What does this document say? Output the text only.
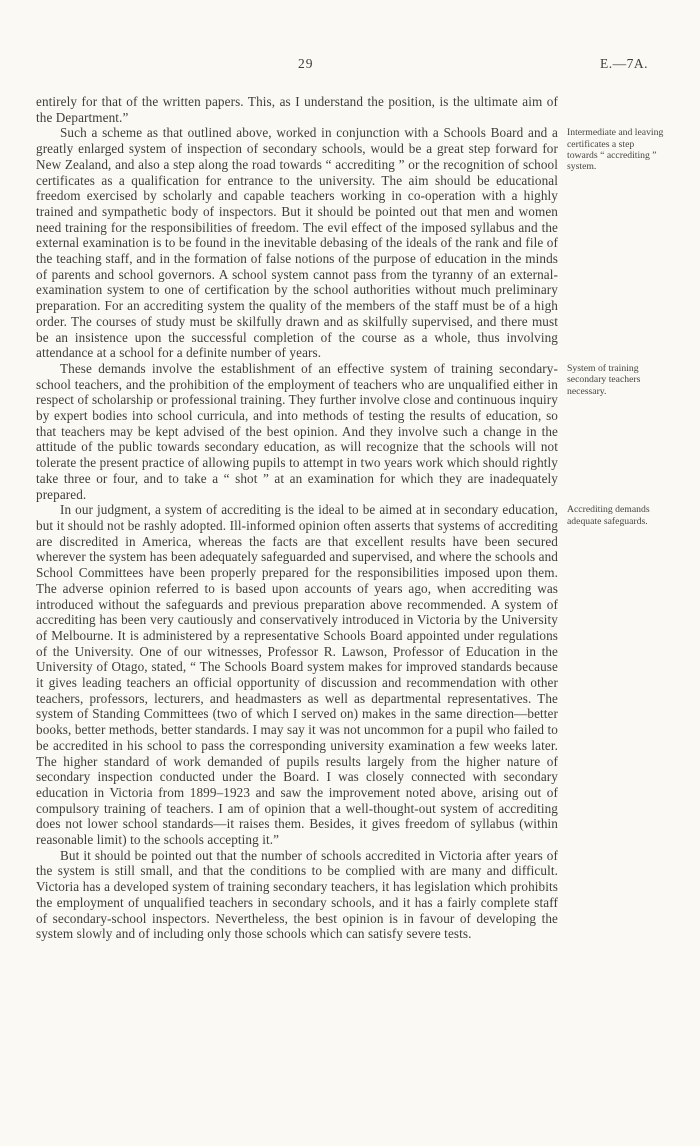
29	E.—7A.
entirely for that of the written papers. This, as I understand the position, is the ultimate aim of the Department.”
Such a scheme as that outlined above, worked in conjunction with a Schools Board and a greatly enlarged system of inspection of secondary schools, would be a great step forward for New Zealand, and also a step along the road towards “ accrediting ” or the recognition of school certificates as a qualification for entrance to the university. The aim should be educational freedom exercised by scholarly and capable teachers working in co-operation with a highly trained and sympathetic body of inspectors. But it should be pointed out that men and women need training for the responsibilities of freedom. The evil effect of the imposed syllabus and the external examination is to be found in the inevitable debasing of the ideals of the rank and file of the teaching staff, and in the formation of false notions of the purpose of education in the minds of parents and school governors. A school system cannot pass from the tyranny of an external-examination system to one of certification by the school authorities without much preliminary preparation. For an accrediting system the quality of the members of the staff must be of a high order. The courses of study must be skilfully drawn and as skilfully supervised, and there must be an insistence upon the successful completion of the course as a whole, thus involving attendance at a school for a definite number of years.
Intermediate and leaving certificates a step towards “ accrediting ” system.
These demands involve the establishment of an effective system of training secondary-school teachers, and the prohibition of the employment of teachers who are unqualified either in respect of scholarship or professional training. They further involve close and continuous inquiry by expert bodies into school curricula, and into methods of testing the results of education, so that teachers may be kept advised of the best opinion. And they involve such a change in the attitude of the public towards secondary education, as will recognize that the schools will not tolerate the present practice of allowing pupils to attempt in two years work which should rightly take three or four, and to take a “ shot ” at an examination for which they are inadequately prepared.
System of training secondary teachers necessary.
In our judgment, a system of accrediting is the ideal to be aimed at in secondary education, but it should not be rashly adopted. Ill-informed opinion often asserts that systems of accrediting are discredited in America, whereas the facts are that excellent results have been secured wherever the system has been adequately safeguarded and supervised, and where the schools and School Committees have been properly prepared for the responsibilities imposed upon them. The adverse opinion referred to is based upon accounts of years ago, when accrediting was introduced without the safeguards and previous preparation above recommended. A system of accrediting has been very cautiously and conservatively introduced in Victoria by the University of Melbourne. It is administered by a representative Schools Board appointed under regulations of the University. One of our witnesses, Professor R. Lawson, Professor of Education in the University of Otago, stated, “ The Schools Board system makes for improved standards because it gives leading teachers an official opportunity of discussion and recommendation with other teachers, professors, lecturers, and headmasters as well as departmental representatives. The system of Standing Committees (two of which I served on) makes in the same direction—better books, better methods, better standards. I may say it was not uncommon for a pupil who failed to be accredited in his school to pass the corresponding university examination a few weeks later. The higher standard of work demanded of pupils results largely from the higher nature of secondary inspection conducted under the Board. I was closely connected with secondary education in Victoria from 1899–1923 and saw the improvement noted above, arising out of compulsory training of teachers. I am of opinion that a well-thought-out system of accrediting does not lower school standards—it raises them. Besides, it gives freedom of syllabus (within reasonable limit) to the schools accepting it.”
Accrediting demands adequate safeguards.
But it should be pointed out that the number of schools accredited in Victoria after years of the system is still small, and that the conditions to be complied with are many and difficult. Victoria has a developed system of training secondary teachers, it has legislation which prohibits the employment of unqualified teachers in secondary schools, and it has a fairly complete staff of secondary-school inspectors. Nevertheless, the best opinion is in favour of developing the system slowly and of including only those schools which can satisfy severe tests.
